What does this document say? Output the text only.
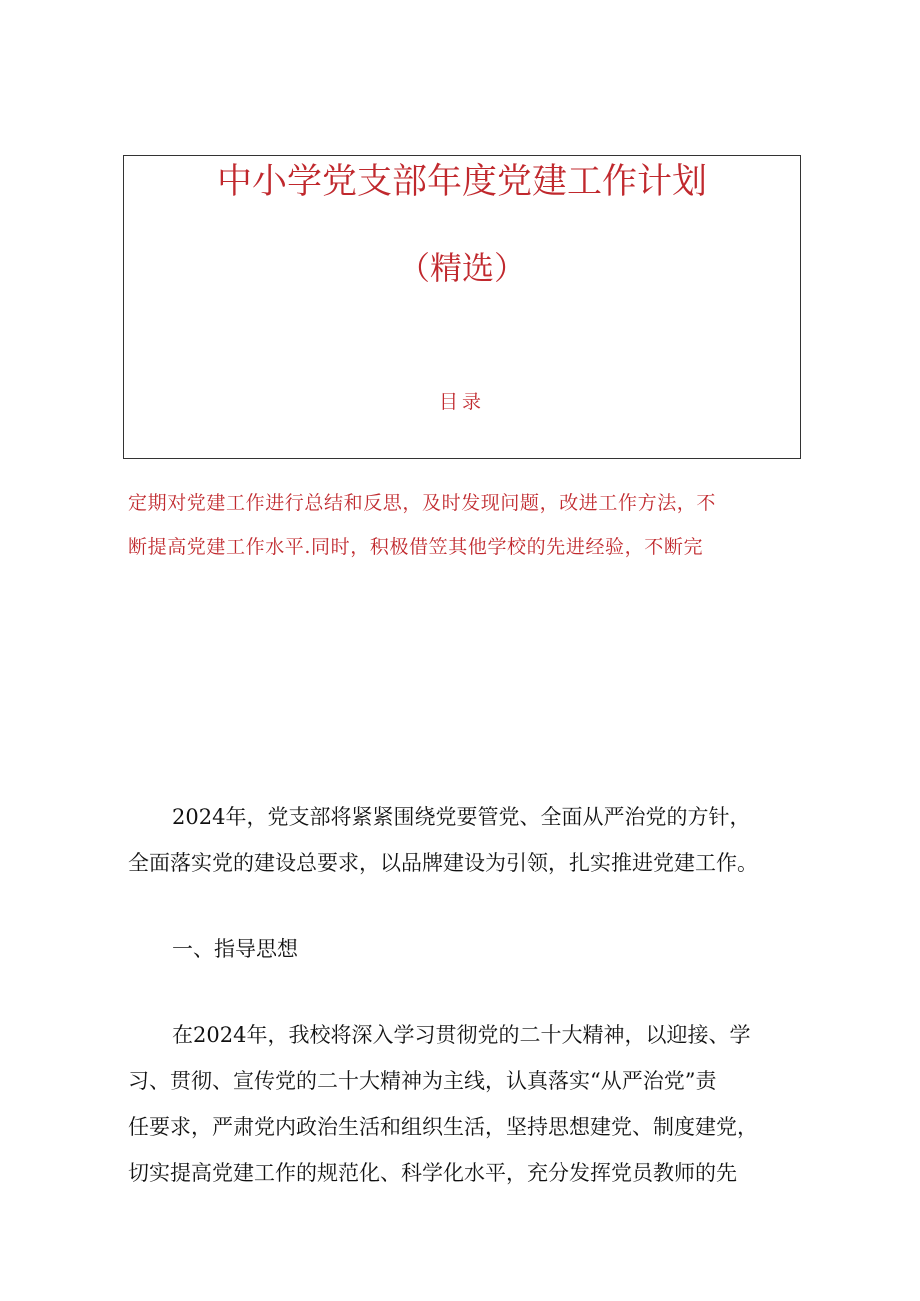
中小学党支部年度党建工作计划
（精选）
目录
定期对党建工作进行总结和反思，及时发现问题，改进工作方法，不
断提高党建工作水平.同时，积极借笠其他学校的先进经验，不断完
2024年，党支部将紧紧围绕党要管党、全面从严治党的方针，
全面落实党的建设总要求，以品牌建设为引领，扎实推进党建工作。
一、指导思想
在2024年，我校将深入学习贯彻党的二十大精神，以迎接、学
习、贯彻、宣传党的二十大精神为主线，认真落实“从严治党”责
任要求，严肃党内政治生活和组织生活，坚持思想建党、制度建党，
切实提高党建工作的规范化、科学化水平，充分发挥党员教师的先
